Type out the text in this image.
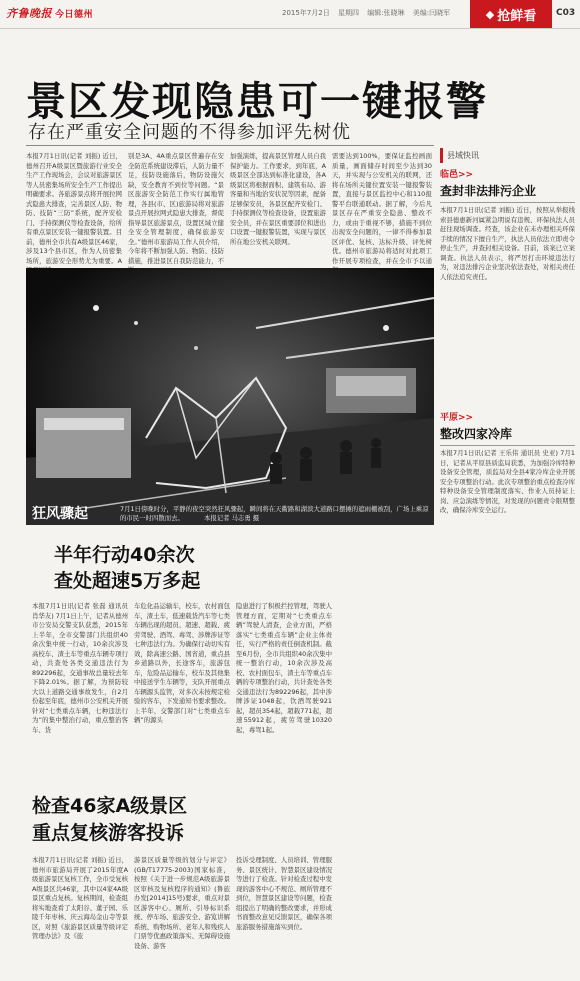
齐鲁晚报 今日德州	2015年7月2日 星期四 编辑:张晓琳 美编:闫晓军	◆ 抢鲜看 C03
景区发现隐患可一键报警
存在严重安全问题的不得参加评先树优
本报7月1日讯(记者 刘振) 近日，德州召开A级景区暨旅游行业安全生产工作现场会，会议对旅游景区等人员密集场所安全生产工作提出明确要求。各旅游景点将开展拉网式隐患大排查，完善景区人防、物防、技防“三防”系统，配齐安检门、手持探测仪等检查设备，给所有重点景区安装一键报警装置。目前，德州全市共有A级景区46家，涉及13个县市区，作为人员密集场所，旅游安全形势尤为重要。A
别是3A、4A重点景区普遍存在安全防范系统建设滞后，人防力量不足，技防设施落后，物防设施欠缺，安全教育不到位等问题。“景区旅游安全防范工作实行属地管理，各县(市、区)旅游局将对旅游景点开展拉网式隐患大排查，督促指导景区旅游景点，设置区域立健全安全管理制度，确保旅游安全。”德州市旅游局工作人员介绍，今年将不断加强人防、物防、技防措施，推进景区自我防范能力，不
加强演练，提高景区管理人员自我保护能力。工作要求，到年底，A级景区全部达到标准化建设，各A级景区将根据面积、建筑布局、游客量和当地治安状况等因素，配备足够保安员，各景区配齐安检门、手持探测仪等检查设备，设置旅游安全员，并在景区重要部位和进出口设置一键报警装置，实现与景区所在地公安机关联网。
需要达到100%，要保证监控画面质量，画面储存时间至少达到30天，并实现与公安机关的联网，还将在场所关键位置安装一键报警装置，直接与景区监控中心和110报警平台联通联动。据了解，今后凡景区存在严重安全隐患、整改不力，或由于重视不够，措施不到位出现安全问题的，一律不得参加景区评优、复核、达标升级、评先树优。德州市旅游局将适时对此项工作开展专项检查，并在全市予以通
县域快讯
临邑>>
查封非法排污企业
本报7月1日讯(记者 刘振) 近日，按照从举报线索县德惠新河属紧急明说有违规、环保执法人员赶往现场调查。经查，该企业在未办理相关环保手续的情况下擅自生产，执法人员依法立即责令停止生产，并查封相关设备。目前，该案已立案调查。执法人员表示，将严厉打击环境违法行为，对违法排污企业坚决依法查处，对相关责任人依法追究责任。
平原>>
整改四家冷库
本报7月1日讯(记者 王乐伟 通讯员 史亚) 7月1日，记者从平原县质监局获悉，为加强冷库特种设备安全管理，质监局对全县4家冷库企业开展安全专项整治行动。此次专项整治重点检查冷库特种设备安全管理制度落实、作业人员持证上岗、应急演练等情况，对发现的问题责令限期整改，确保冷库安全运行。
狂风骤起	7月1日傍晚时分，平静的夜空突然狂风骤起，瞬间将在天衢路和湖滨大道路口摆摊的遮雨棚被刮，广场上乘凉的市民一时四散而去。	本报记者 马志勇 摄
半年行动40余次
查处超速5万多起
本报7月1日讯(记者 张磊 通讯员 肖华友) 7月1日上午，记者从德州市公安局交警支队获悉，2015年上半年，全市交警部门共组织40余次集中统一行动，10余次涉及高校车、渣土车等重点车辆专项行动，共查处各类交通违法行为892296起，交通事故总量较去年下降2.01%。据了解，为预防较大以上道路交通事故发生，自2月份起至年底，德州市公安机关开展针对“七类重点车辆，七种违法行为”的集中整治行动，重点整治客车、货
车危化品运输车，校车，农村面包车，渣土车，低速载货汽车等七类车辆出现的超员、超速、超载、疲劳驾驶、酒驾、毒驾、涉牌涉证等七种违法行为。为确保行动切实有效，除高速公路、国省道，重点县乡道路以外，长途客车，旅游包车，危险品运输车，校车及其他集中接送学生车辆等，支队开展重点车辆源头监管，对多次未按规定检验的客车，下发通知书要求整改。上半年，交警部门对“七类重点车辆”的源头
隐患进行了积极拦控管理，驾驶人管理方面，定期对“七类重点车辆”驾驶人清查，企业方面，严格落实“七类重点车辆”企业主体责任，实行严格的责任倒查机制。截至6月份，全市共组织40余次集中统一整治行动，10余次涉及高校、农村面包车，渣土车等重点车辆的专项整治行动，共计查处各类交通违法行为892296起，其中涉牌涉证1048起，饮酒驾驶921起，超员354起，超载771起，超速55912起，疲劳驾驶10320起，毒驾1起。
检查46家A级景区
重点复核游客投诉
本报7月1日讯(记者 刘振) 近日，德州市旅游局开展了2015年度A级旅游景区复核工作，全市受复核A级景区共46家，其中以4家4A级景区重点复核。复核期间，检查组将实地查看了太阳谷、董子园、乐陵千年枣林、庆云海岛金山寺等景区，对照《旅游景区质量等级评定管理办法》及《旅
游景区质量等级的划分与评定》(GB/T17775-2003)国家标准，按照《关于进一步规范A级旅游景区审核及复核程序的通知》(鲁旅办发[2014]15号)要求，重点对景区游客中心、厕所、引导标识系统、停车场、旅游安全、游览讲解系统、购物场所、老年人和残疾人门票等优惠政策落实、无障碍设施设备、游客
投诉受理制度、人员培训、管理服务、景区统计、智慧景区建设情况等进行了检查。针对检查过程中发现的游客中心不规范、厕所管理不到位，智慧景区建设等问题，检查组提出了明确的整改要求，并形成书面整改意见反馈景区，确保各项旅游服务措施落实到位。
